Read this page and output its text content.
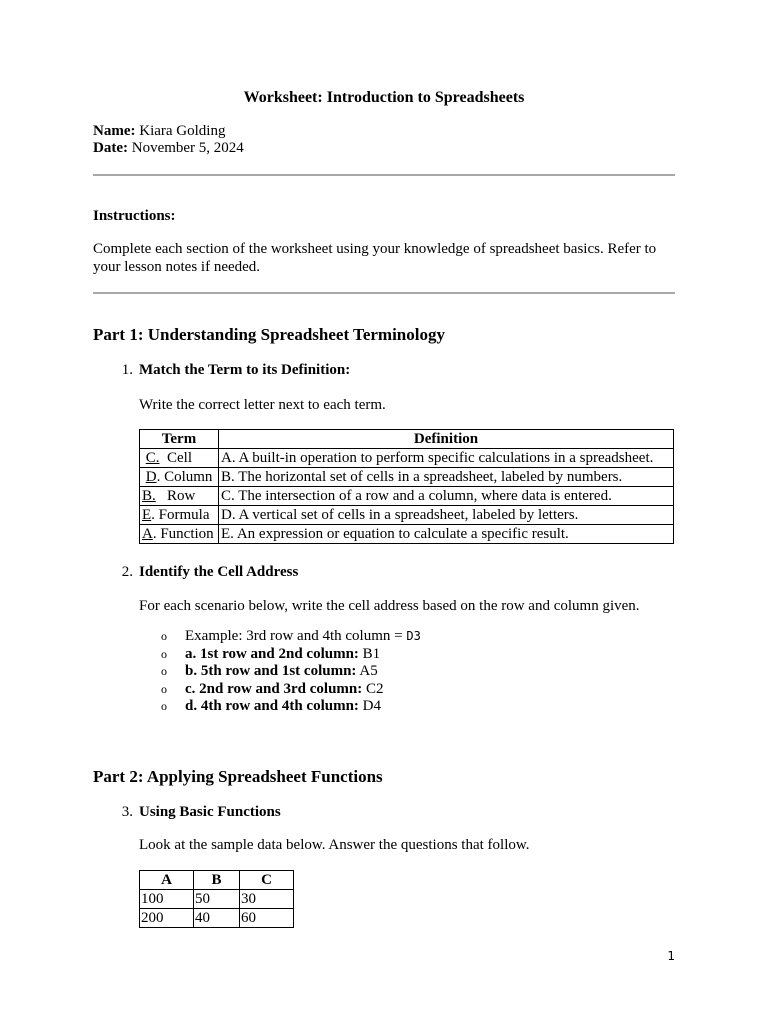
Worksheet: Introduction to Spreadsheets
Name: Kiara Golding
Date: November 5, 2024
Instructions:
Complete each section of the worksheet using your knowledge of spreadsheet basics. Refer to your lesson notes if needed.
Part 1: Understanding Spreadsheet Terminology
1. Match the Term to its Definition:
Write the correct letter next to each term.
Term	Definition
C. Cell	A. A built-in operation to perform specific calculations in a spreadsheet.
D. Column	B. The horizontal set of cells in a spreadsheet, labeled by numbers.
B. Row	C. The intersection of a row and a column, where data is entered.
E. Formula	D. A vertical set of cells in a spreadsheet, labeled by letters.
A. Function	E. An expression or equation to calculate a specific result.
2. Identify the Cell Address
For each scenario below, write the cell address based on the row and column given.
o Example: 3rd row and 4th column = D3
o a. 1st row and 2nd column: B1
o b. 5th row and 1st column: A5
o c. 2nd row and 3rd column: C2
o d. 4th row and 4th column: D4
Part 2: Applying Spreadsheet Functions
3. Using Basic Functions
Look at the sample data below. Answer the questions that follow.
A	B	C
100	50	30
200	40	60
1
